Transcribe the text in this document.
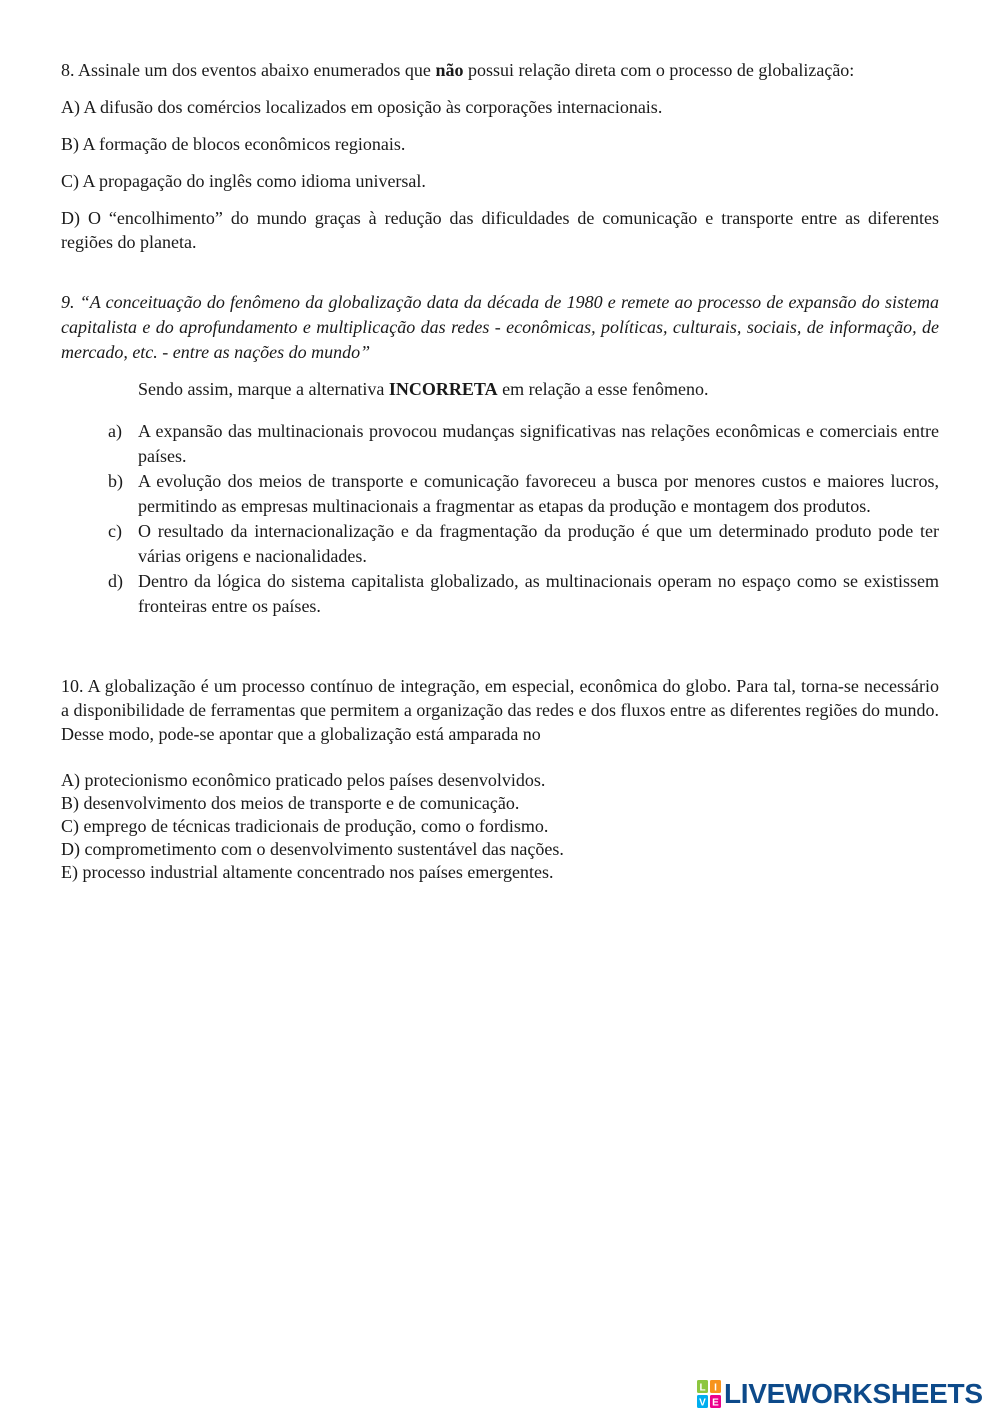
8. Assinale um dos eventos abaixo enumerados que não possui relação direta com o processo de globalização:

A) A difusão dos comércios localizados em oposição às corporações internacionais.

B) A formação de blocos econômicos regionais.

C) A propagação do inglês como idioma universal.

D) O “encolhimento” do mundo graças à redução das dificuldades de comunicação e transporte entre as diferentes regiões do planeta.

9. “A conceituação do fenômeno da globalização data da década de 1980 e remete ao processo de expansão do sistema capitalista e do aprofundamento e multiplicação das redes - econômicas, políticas, culturais, sociais, de informação, de mercado, etc. - entre as nações do mundo”

Sendo assim, marque a alternativa INCORRETA em relação a esse fenômeno.

a) A expansão das multinacionais provocou mudanças significativas nas relações econômicas e comerciais entre países.
b) A evolução dos meios de transporte e comunicação favoreceu a busca por menores custos e maiores lucros, permitindo as empresas multinacionais a fragmentar as etapas da produção e montagem dos produtos.
c) O resultado da internacionalização e da fragmentação da produção é que um determinado produto pode ter várias origens e nacionalidades.
d) Dentro da lógica do sistema capitalista globalizado, as multinacionais operam no espaço como se existissem fronteiras entre os países.

10. A globalização é um processo contínuo de integração, em especial, econômica do globo. Para tal, torna-se necessário a disponibilidade de ferramentas que permitem a organização das redes e dos fluxos entre as diferentes regiões do mundo. Desse modo, pode-se apontar que a globalização está amparada no

A) protecionismo econômico praticado pelos países desenvolvidos.

B) desenvolvimento dos meios de transporte e de comunicação.

C) emprego de técnicas tradicionais de produção, como o fordismo.

D) comprometimento com o desenvolvimento sustentável das nações.

E) processo industrial altamente concentrado nos países emergentes.

L I
V E LIVEWORKSHEETS
